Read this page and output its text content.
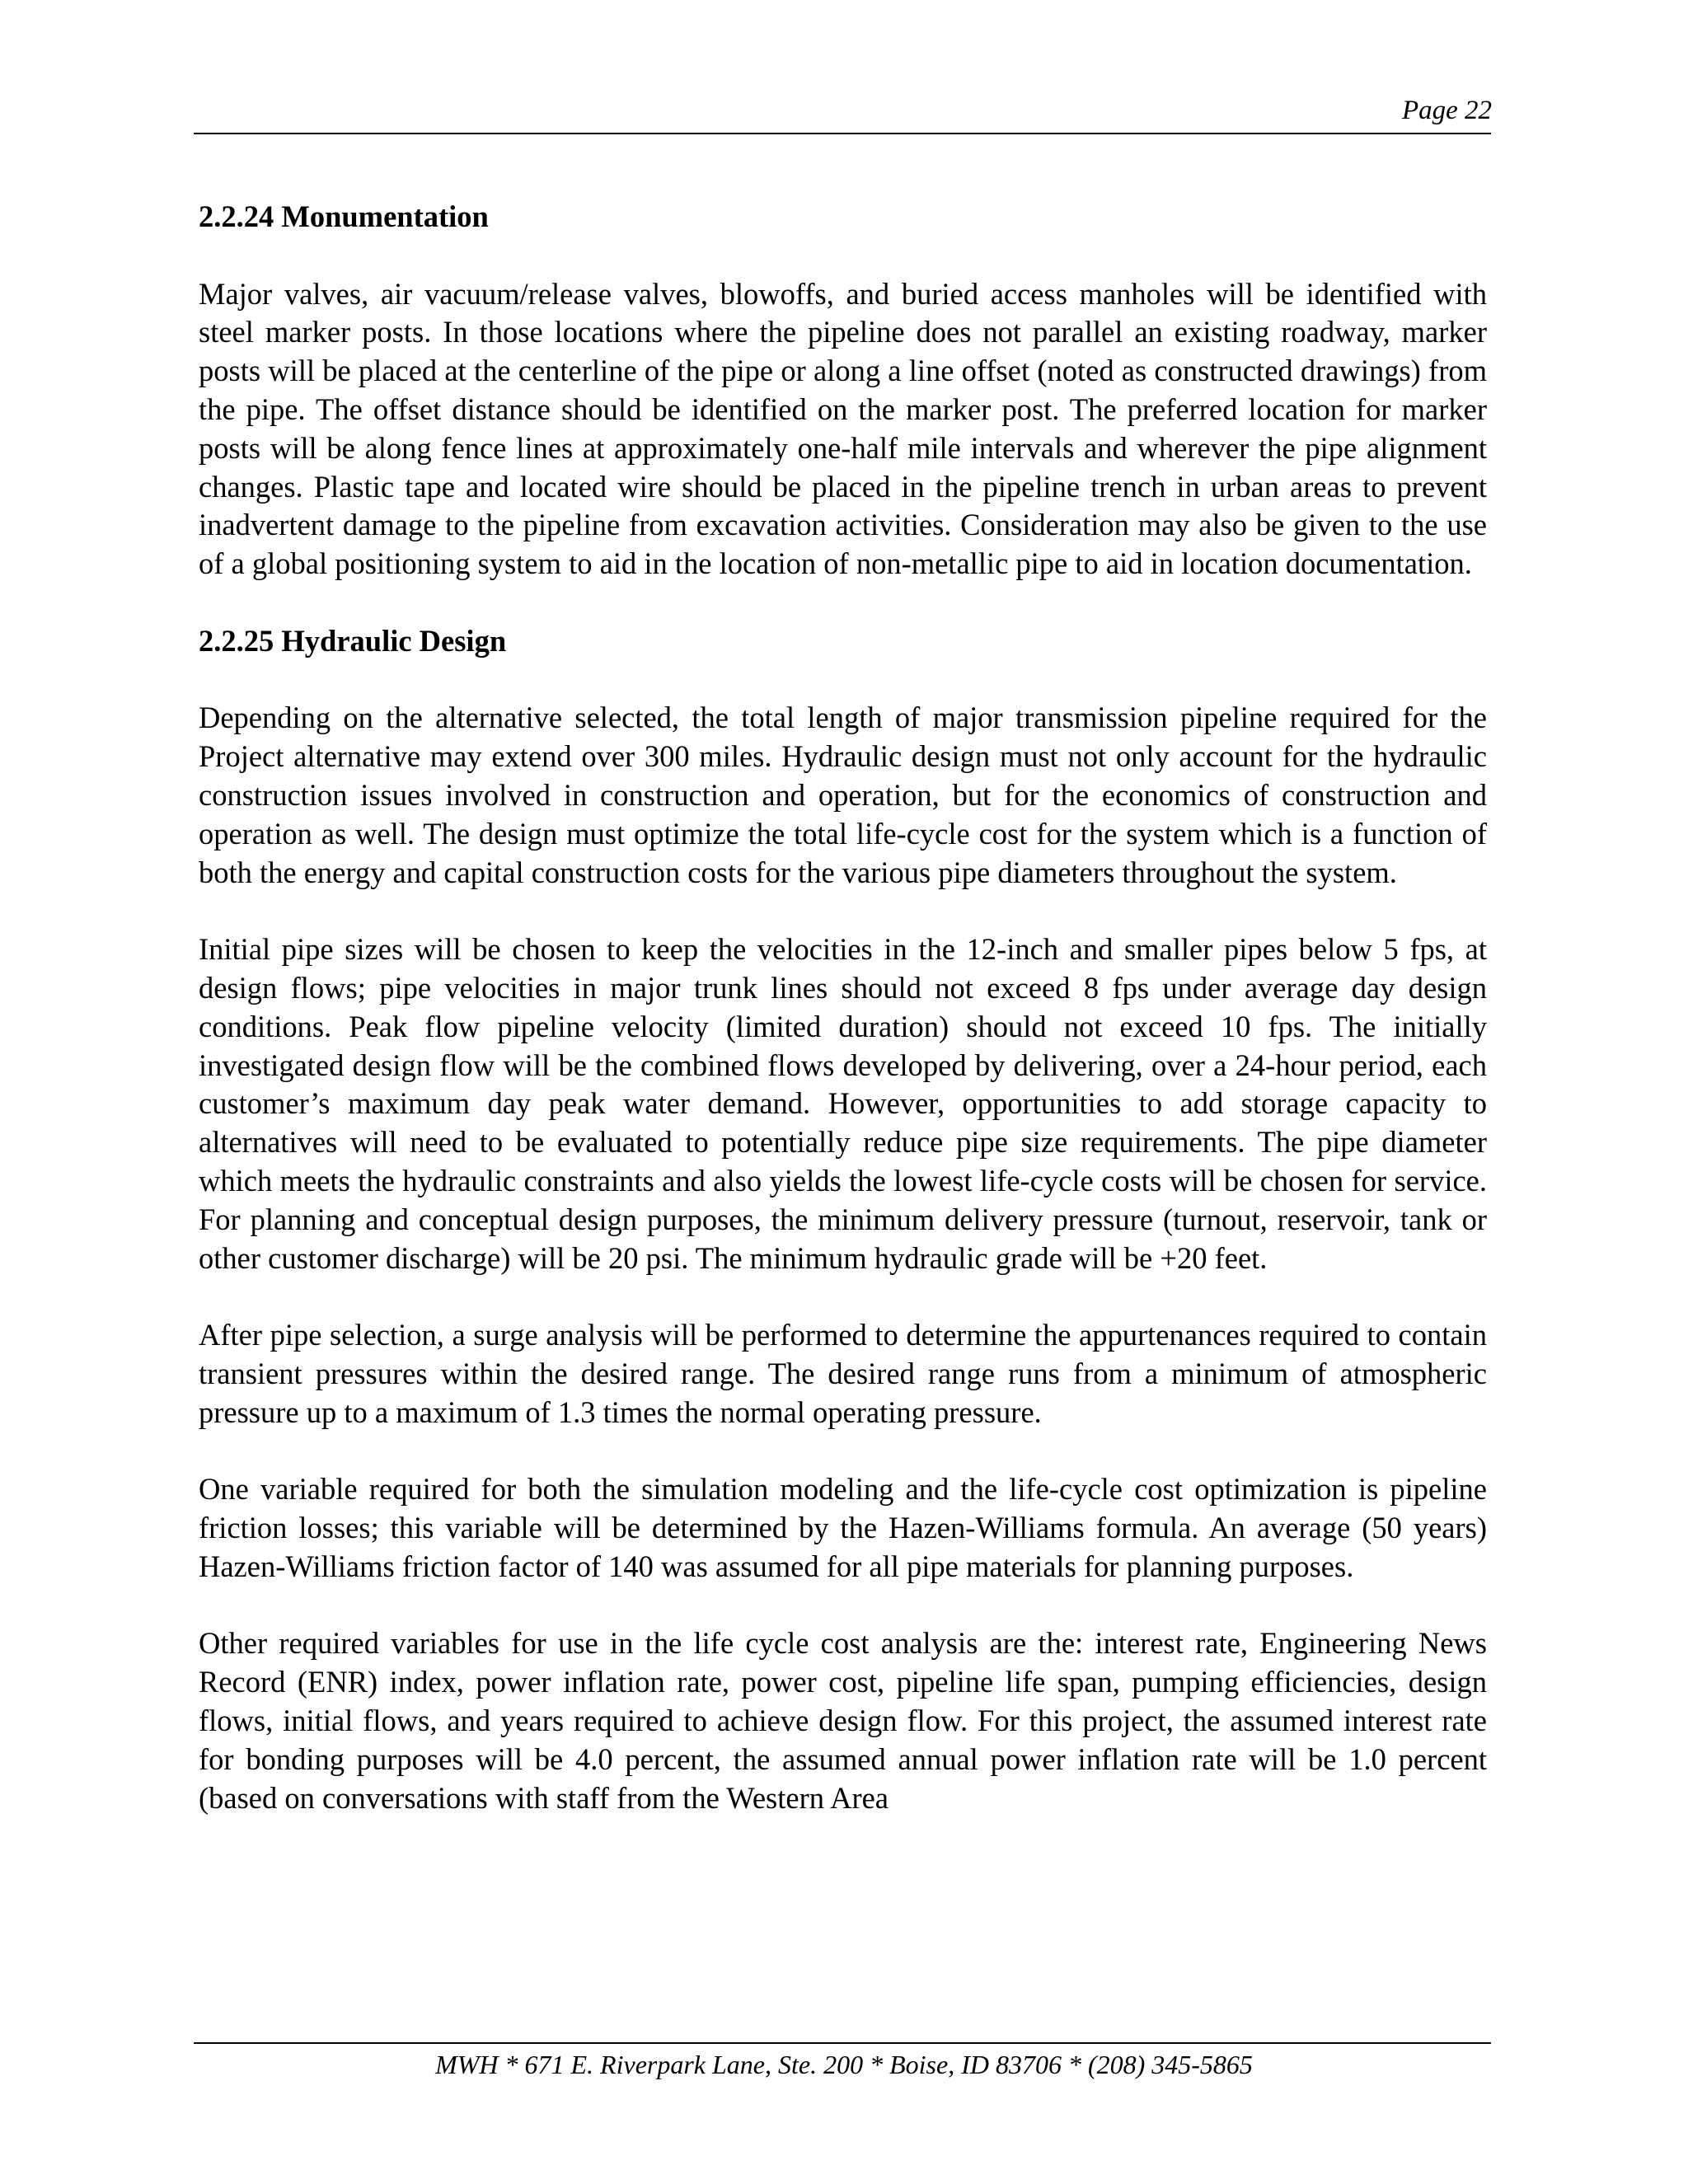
Page 22
2.2.24 Monumentation

Major valves, air vacuum/release valves, blowoffs, and buried access manholes will be identified with steel marker posts. In those locations where the pipeline does not parallel an existing roadway, marker posts will be placed at the centerline of the pipe or along a line offset (noted as constructed drawings) from the pipe. The offset distance should be identified on the marker post. The preferred location for marker posts will be along fence lines at approximately one-half mile intervals and wherever the pipe alignment changes. Plastic tape and located wire should be placed in the pipeline trench in urban areas to prevent inadvertent damage to the pipeline from excavation activities. Consideration may also be given to the use of a global positioning system to aid in the location of non-metallic pipe to aid in location documentation.

2.2.25 Hydraulic Design

Depending on the alternative selected, the total length of major transmission pipeline required for the Project alternative may extend over 300 miles. Hydraulic design must not only account for the hydraulic construction issues involved in construction and operation, but for the economics of construction and operation as well. The design must optimize the total life-cycle cost for the system which is a function of both the energy and capital construction costs for the various pipe diameters throughout the system.

Initial pipe sizes will be chosen to keep the velocities in the 12-inch and smaller pipes below 5 fps, at design flows; pipe velocities in major trunk lines should not exceed 8 fps under average day design conditions. Peak flow pipeline velocity (limited duration) should not exceed 10 fps. The initially investigated design flow will be the combined flows developed by delivering, over a 24-hour period, each customer’s maximum day peak water demand. However, opportunities to add storage capacity to alternatives will need to be evaluated to potentially reduce pipe size requirements. The pipe diameter which meets the hydraulic constraints and also yields the lowest life-cycle costs will be chosen for service. For planning and conceptual design purposes, the minimum delivery pressure (turnout, reservoir, tank or other customer discharge) will be 20 psi. The minimum hydraulic grade will be +20 feet.

After pipe selection, a surge analysis will be performed to determine the appurtenances required to contain transient pressures within the desired range. The desired range runs from a minimum of atmospheric pressure up to a maximum of 1.3 times the normal operating pressure.

One variable required for both the simulation modeling and the life-cycle cost optimization is pipeline friction losses; this variable will be determined by the Hazen-Williams formula. An average (50 years) Hazen-Williams friction factor of 140 was assumed for all pipe materials for planning purposes.

Other required variables for use in the life cycle cost analysis are the: interest rate, Engineering News Record (ENR) index, power inflation rate, power cost, pipeline life span, pumping efficiencies, design flows, initial flows, and years required to achieve design flow. For this project, the assumed interest rate for bonding purposes will be 4.0 percent, the assumed annual power inflation rate will be 1.0 percent (based on conversations with staff from the Western Area

MWH * 671 E. Riverpark Lane, Ste. 200 * Boise, ID 83706 * (208) 345-5865
